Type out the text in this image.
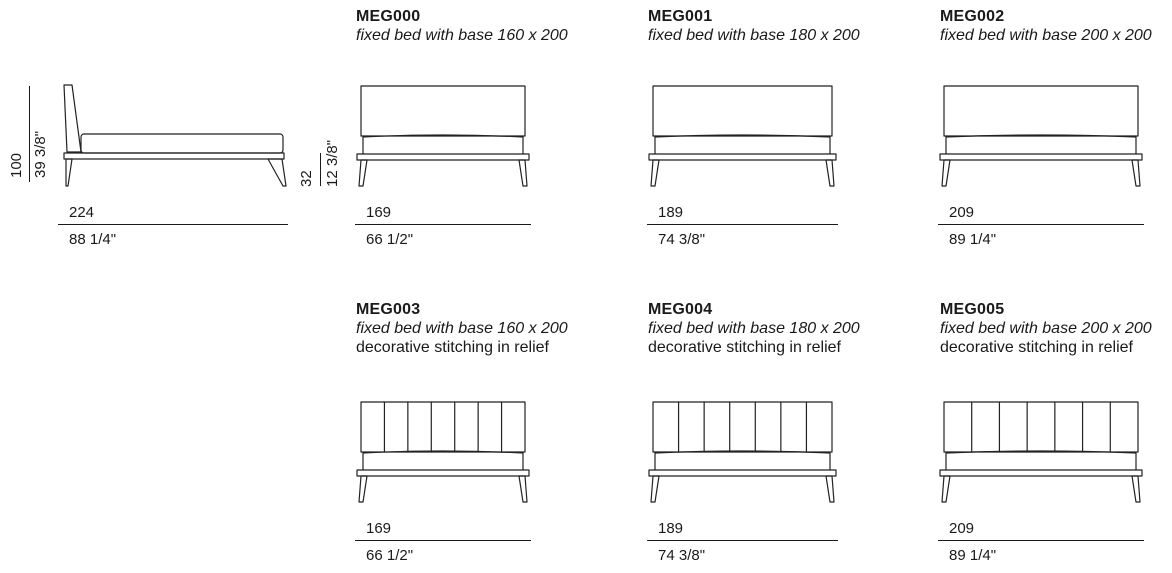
100 39 3/8"
32 12 3/8"
224
88 1/4"
MEG000
fixed bed with base 160 x 200
169
66 1/2"
MEG001
fixed bed with base 180 x 200
189
74 3/8"
MEG002
fixed bed with base 200 x 200
209
89 1/4"
MEG003
fixed bed with base 160 x 200
decorative stitching in relief
169
66 1/2"
MEG004
fixed bed with base 180 x 200
decorative stitching in relief
189
74 3/8"
MEG005
fixed bed with base 200 x 200
decorative stitching in relief
209
89 1/4"
